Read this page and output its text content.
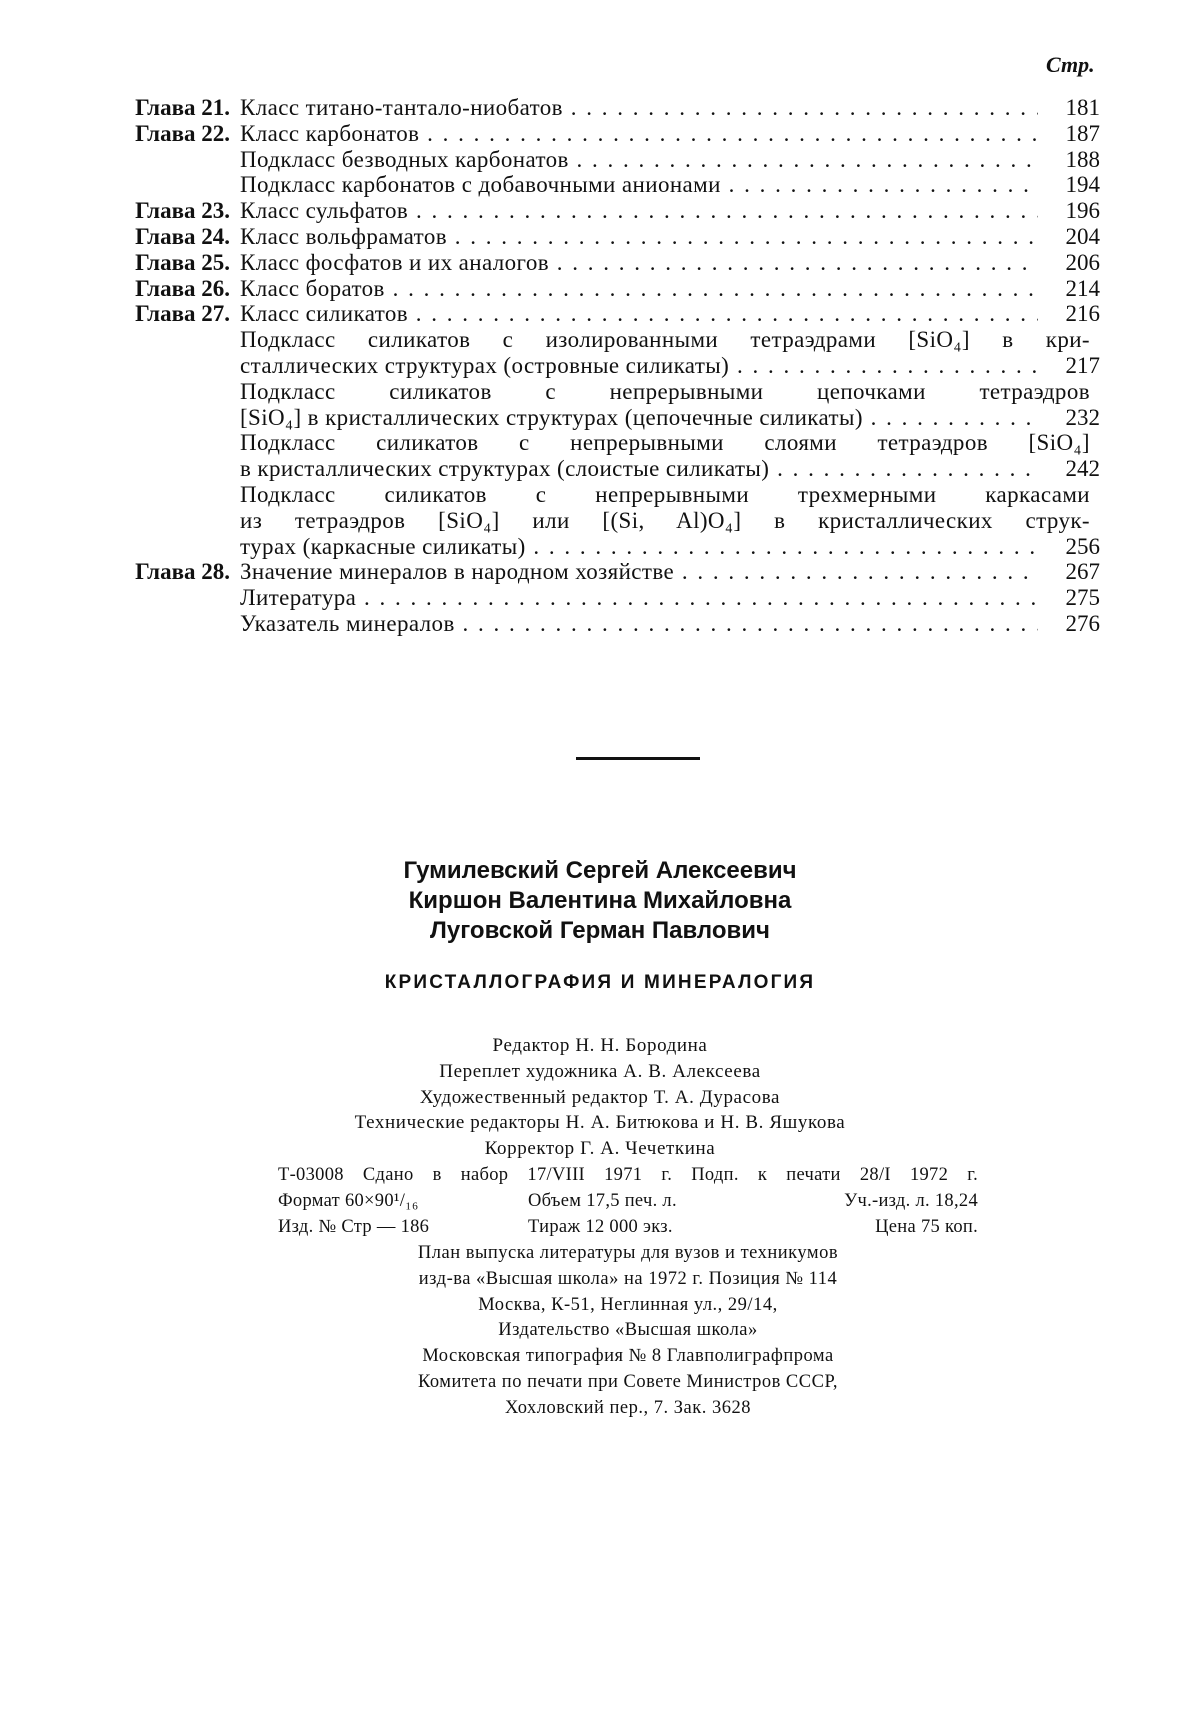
Стр.
Глава 21. Класс титано-тантало-ниобатов . . .	181
Глава 22. Класс карбонатов . . .	187
Подкласс безводных карбонатов . . .	188
Подкласс карбонатов с добавочными анионами . . .	194
Глава 23. Класс сульфатов . . .	196
Глава 24. Класс вольфраматов . . .	204
Глава 25. Класс фосфатов и их аналогов . . .	206
Глава 26. Класс боратов . . .	214
Глава 27. Класс силикатов . . .	216
Подкласс силикатов с изолированными тетраэдрами [SiO₄] в кри-
сталлических структурах (островные силикаты) . . .	217
Подкласс силикатов с непрерывными цепочками тетраэдров
[SiO₄] в кристаллических структурах (цепочечные силикаты) . . .	232
Подкласс силикатов с непрерывными слоями тетраэдров [SiO₄]
в кристаллических структурах (слоистые силикаты) . . .	242
Подкласс силикатов с непрерывными трехмерными каркасами
из тетраэдров [SiO₄] или [(Si, Al)O₄] в кристаллических струк-
турах (каркасные силикаты) . . .	256
Глава 28. Значение минералов в народном хозяйстве . . .	267
Литература . . .	275
Указатель минералов . . .	276
Гумилевский Сергей Алексеевич
Киршон Валентина Михайловна
Луговской Герман Павлович
КРИСТАЛЛОГРАФИЯ И МИНЕРАЛОГИЯ
Редактор Н. Н. Бородина
Переплет художника А. В. Алексеева
Художественный редактор Т. А. Дурасова
Технические редакторы Н. А. Битюкова и Н. В. Яшукова
Корректор Г. А. Чечеткина
Т-03008 Сдано в набор 17/VIII 1971 г. Подп. к печати 28/I 1972 г.
Формат 60×90¹/₁₆	Объем 17,5 печ. л.	Уч.-изд. л. 18,24
Изд. № Стр — 186	Тираж 12 000 экз.	Цена 75 коп.
План выпуска литературы для вузов и техникумов
изд-ва «Высшая школа» на 1972 г. Позиция № 114
Москва, К-51, Неглинная ул., 29/14,
Издательство «Высшая школа»
Московская типография № 8 Главполиграфпрома
Комитета по печати при Совете Министров СССР,
Хохловский пер., 7. Зак. 3628
